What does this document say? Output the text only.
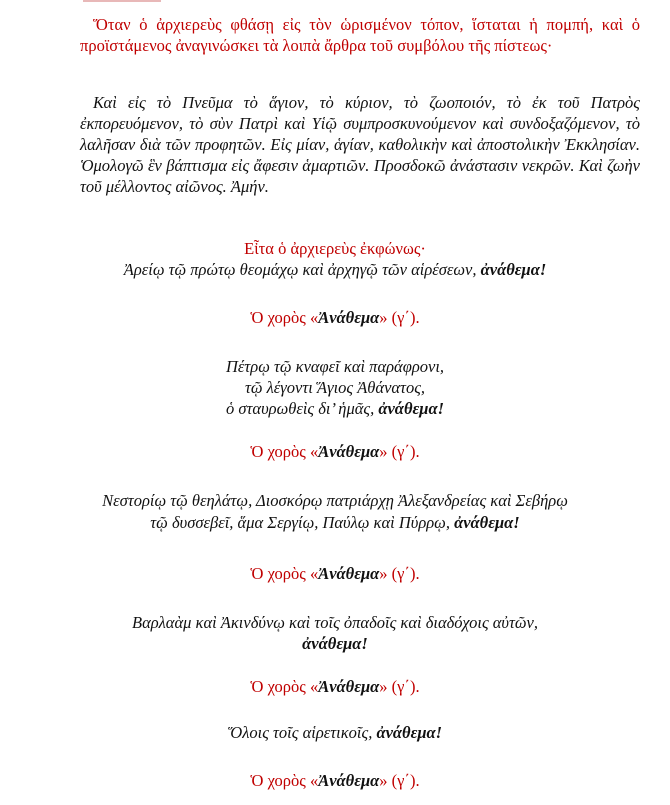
Ὅταν ὁ ἀρχιερεὺς φθάσῃ εἰς τὸν ὡρισμένον τόπον, ἵσταται ἡ πομπή, καὶ ὁ προϊστάμενος ἀναγινώσκει τὰ λοιπὰ ἄρθρα τοῦ συμβόλου τῆς πίστεως·

Καὶ εἰς τὸ Πνεῦμα τὸ ἅγιον, τὸ κύριον, τὸ ζωοποιόν, τὸ ἐκ τοῦ Πατρὸς ἐκπορευόμενον, τὸ σὺν Πατρὶ καὶ Υἱῷ συμπροσκυνούμενον καὶ συνδοξαζόμενον, τὸ λαλῆσαν διὰ τῶν προφητῶν. Εἰς μίαν, ἁγίαν, καθολικὴν καὶ ἀποστολικὴν Ἐκκλησίαν. Ὁμολογῶ ἓν βάπτισμα εἰς ἄφεσιν ἁμαρτιῶν. Προσδοκῶ ἀνάστασιν νεκρῶν. Καὶ ζωὴν τοῦ μέλλοντος αἰῶνος. Ἀμήν.

Εἶτα ὁ ἀρχιερεὺς ἐκφώνως·
Ἀρείῳ τῷ πρώτῳ θεομάχῳ καὶ ἀρχηγῷ τῶν αἱρέσεων, ἀνάθεμα!
Ὁ χορὸς «Ἀνάθεμα» (γ΄).
Πέτρῳ τῷ κναφεῖ καὶ παράφρονι,
τῷ λέγοντι Ἅγιος Ἀθάνατος,
ὁ σταυρωθεὶς δι’ ἡμᾶς, ἀνάθεμα!
Ὁ χορὸς «Ἀνάθεμα» (γ΄).
Νεστορίῳ τῷ θεηλάτῳ, Διοσκόρῳ πατριάρχῃ Ἀλεξανδρείας καὶ Σεβήρῳ
τῷ δυσσεβεῖ, ἅμα Σεργίῳ, Παύλῳ καὶ Πύρρῳ, ἀνάθεμα!
Ὁ χορὸς «Ἀνάθεμα» (γ΄).
Βαρλαὰμ καὶ Ἀκινδύνῳ καὶ τοῖς ὀπαδοῖς καὶ διαδόχοις αὐτῶν,
ἀνάθεμα!
Ὁ χορὸς «Ἀνάθεμα» (γ΄).
Ὅλοις τοῖς αἱρετικοῖς, ἀνάθεμα!
Ὁ χορὸς «Ἀνάθεμα» (γ΄).
